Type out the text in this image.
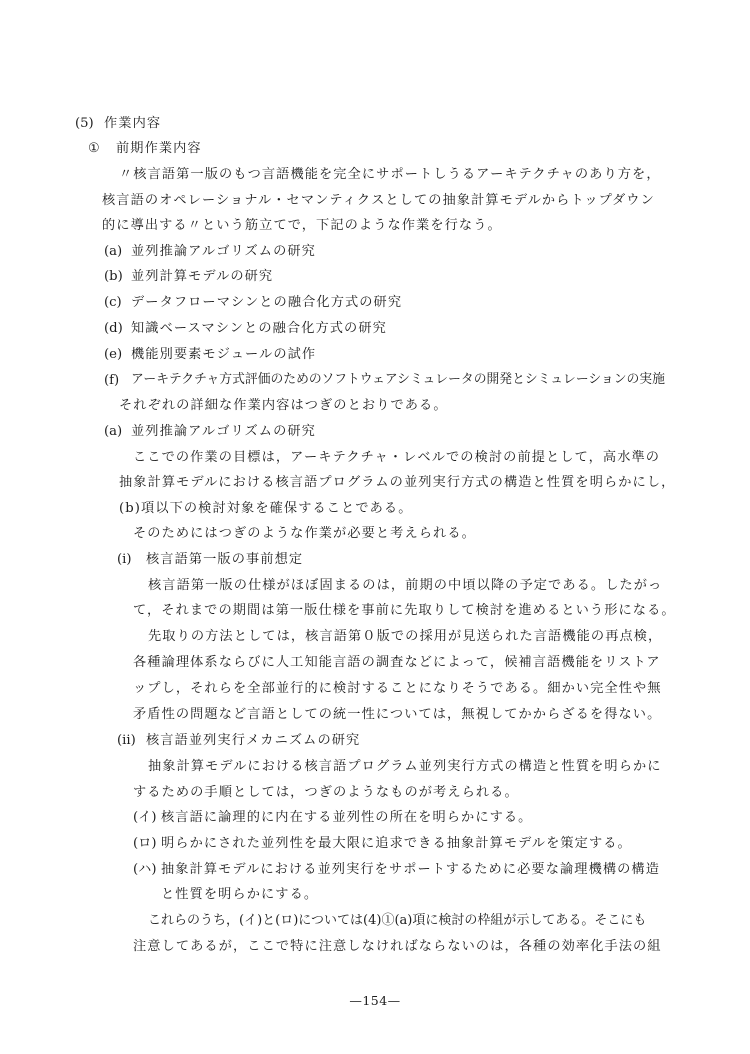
(5) 作業内容
① 前期作業内容
〃核言語第一版のもつ言語機能を完全にサポートしうるアーキテクチャのあり方を，
核言語のオペレーショナル・セマンティクスとしての抽象計算モデルからトップダウン
的に導出する〃という筋立てで，下記のような作業を行なう。
(a) 並列推論アルゴリズムの研究
(b) 並列計算モデルの研究
(c) データフローマシンとの融合化方式の研究
(d) 知識ベースマシンとの融合化方式の研究
(e) 機能別要素モジュールの試作
(f) アーキテクチャ方式評価のためのソフトウェアシミュレータの開発とシミュレーションの実施
それぞれの詳細な作業内容はつぎのとおりである。
(a) 並列推論アルゴリズムの研究
ここでの作業の目標は，アーキテクチャ・レベルでの検討の前提として，高水準の
抽象計算モデルにおける核言語プログラムの並列実行方式の構造と性質を明らかにし，
(b)項以下の検討対象を確保することである。
そのためにはつぎのような作業が必要と考えられる。
(i) 核言語第一版の事前想定
核言語第一版の仕様がほぼ固まるのは，前期の中頃以降の予定である。したがっ
て，それまでの期間は第一版仕様を事前に先取りして検討を進めるという形になる。
先取りの方法としては，核言語第０版での採用が見送られた言語機能の再点検，
各種論理体系ならびに人工知能言語の調査などによって，候補言語機能をリストア
ップし，それらを全部並行的に検討することになりそうである。細かい完全性や無
矛盾性の問題など言語としての統一性については，無視してかからざるを得ない。
(ii) 核言語並列実行メカニズムの研究
抽象計算モデルにおける核言語プログラム並列実行方式の構造と性質を明らかに
するための手順としては，つぎのようなものが考えられる。
(イ) 核言語に論理的に内在する並列性の所在を明らかにする。
(ロ) 明らかにされた並列性を最大限に追求できる抽象計算モデルを策定する。
(ハ) 抽象計算モデルにおける並列実行をサポートするために必要な論理機構の構造
と性質を明らかにする。
これらのうち，(イ)と(ロ)については(4)①(a)項に検討の枠組が示してある。そこにも
注意してあるが，ここで特に注意しなければならないのは，各種の効率化手法の組
—154—
